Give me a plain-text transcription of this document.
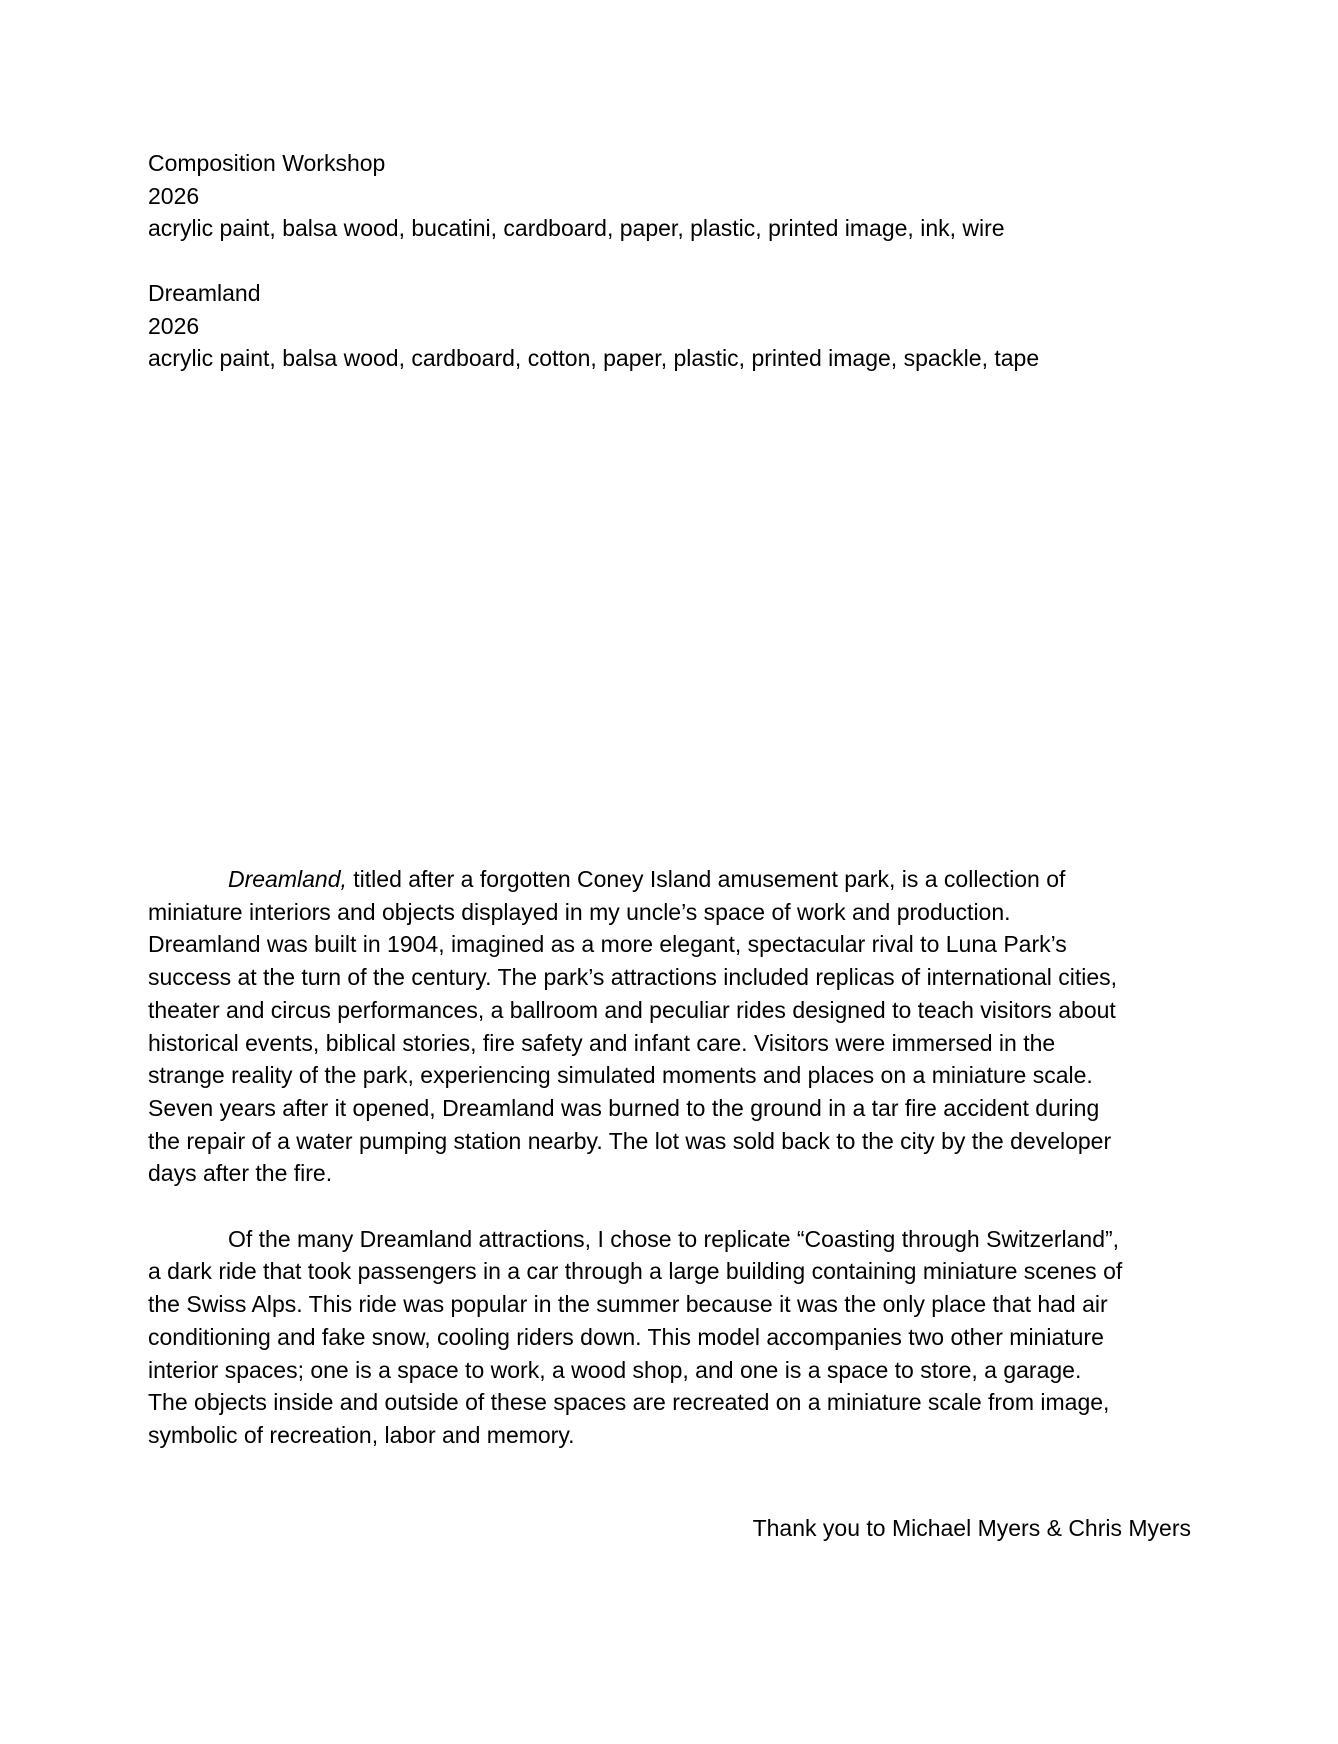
Composition Workshop
2026
acrylic paint, balsa wood, bucatini, cardboard, paper, plastic, printed image, ink, wire
Dreamland
2026
acrylic paint, balsa wood, cardboard, cotton, paper, plastic, printed image, spackle, tape
Dreamland, titled after a forgotten Coney Island amusement park, is a collection of
miniature interiors and objects displayed in my uncle’s space of work and production.
Dreamland was built in 1904, imagined as a more elegant, spectacular rival to Luna Park’s
success at the turn of the century. The park’s attractions included replicas of international cities,
theater and circus performances, a ballroom and peculiar rides designed to teach visitors about
historical events, biblical stories, fire safety and infant care. Visitors were immersed in the
strange reality of the park, experiencing simulated moments and places on a miniature scale.
Seven years after it opened, Dreamland was burned to the ground in a tar fire accident during
the repair of a water pumping station nearby. The lot was sold back to the city by the developer
days after the fire.
Of the many Dreamland attractions, I chose to replicate “Coasting through Switzerland”,
a dark ride that took passengers in a car through a large building containing miniature scenes of
the Swiss Alps. This ride was popular in the summer because it was the only place that had air
conditioning and fake snow, cooling riders down. This model accompanies two other miniature
interior spaces; one is a space to work, a wood shop, and one is a space to store, a garage.
The objects inside and outside of these spaces are recreated on a miniature scale from image,
symbolic of recreation, labor and memory.
Thank you to Michael Myers & Chris Myers
